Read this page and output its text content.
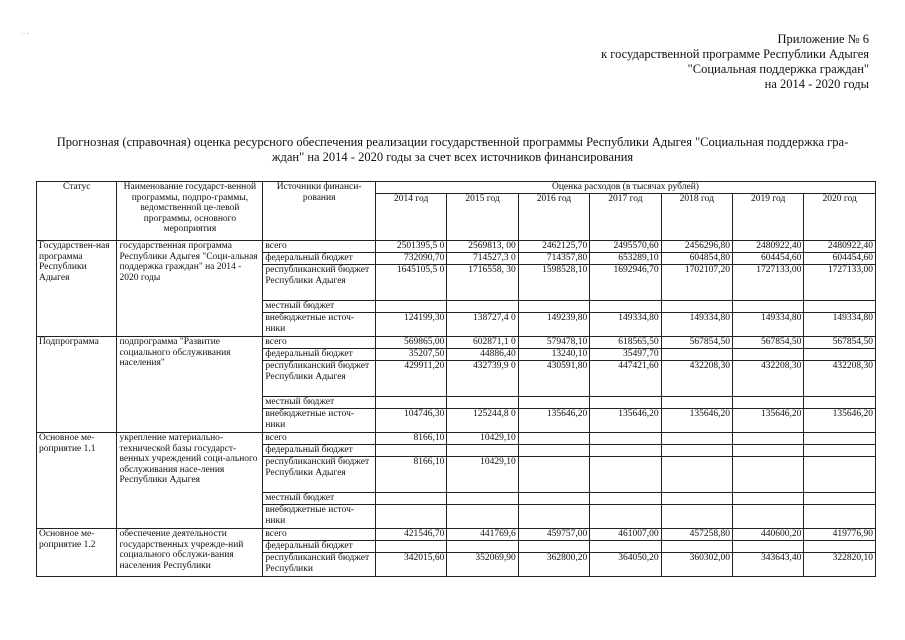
.. ..	Приложение № 6
к государственной программе Республики Адыгея
"Социальная поддержка граждан"
на 2014 - 2020 годы
Прогнозная (справочная) оценка ресурсного обеспечения реализации государственной программы Республики Адыгея "Социальная поддержка гра-
ждан" на 2014 - 2020 годы за счет всех источников финансирования
Статус	Наименование государст-венной программы, подпро-граммы, ведомственной це-левой программы, основного мероприятия	Источники финанси-рования	Оценка расходов (в тысячах рублей)						
			2014 год	2015 год	2016 год	2017 год	2018 год	2019 год	2020 год
Государствен-ная программа Республики Адыгея	государственная программа Республики Адыгея "Соци-альная поддержка граждан" на 2014 - 2020 годы	всего	2501395,5 0	2569813, 00	2462125,70	2495570,60	2456296,80	2480922,40	2480922,40
		федеральный бюджет	732090,70	714527,3 0	714357,80	653289,10	604854,80	604454,60	604454,60
		республиканский бюджет Республики Адыгея	1645105,5 0	1716558, 30	1598528,10	1692946,70	1702107,20	1727133,00	1727133,00
		местный бюджет							
		внебюджетные источ-ники	124199,30	138727,4 0	149239,80	149334,80	149334,80	149334,80	149334,80
Подпрограмма	подпрограмма "Развитие социального обслуживания населения"	всего	569865,00	602871,1 0	579478,10	618565,50	567854,50	567854,50	567854,50
		федеральный бюджет	35207,50	44886,40	13240,10	35497,70			
		республиканский бюджет Республики Адыгея	429911,20	432739,9 0	430591,80	447421,60	432208,30	432208,30	432208,30
		местный бюджет							
		внебюджетные источ-ники	104746,30	125244,8 0	135646,20	135646,20	135646,20	135646,20	135646,20
Основное ме-роприятие 1.1	укрепление материально-технической базы государст-венных учреждений соци-ального обслуживания насе-ления Республики Адыгея	всего	8166,10	10429,10					
		федеральный бюджет							
		республиканский бюджет Республики Адыгея	8166,10	10429,10					
		местный бюджет							
		внебюджетные источ-ники							
Основное ме-роприятие 1.2	обеспечение деятельности государственных учрежде-ний социального обслужи-вания населения Республики	всего	421546,70	441769,6	459757,00	461007,00	457258,80	440600,20	419776,90
		федеральный бюджет							
		республиканский бюджет Республики	342015,60	352069,90	362800,20	364050,20	360302,00	343643,40	322820,10
